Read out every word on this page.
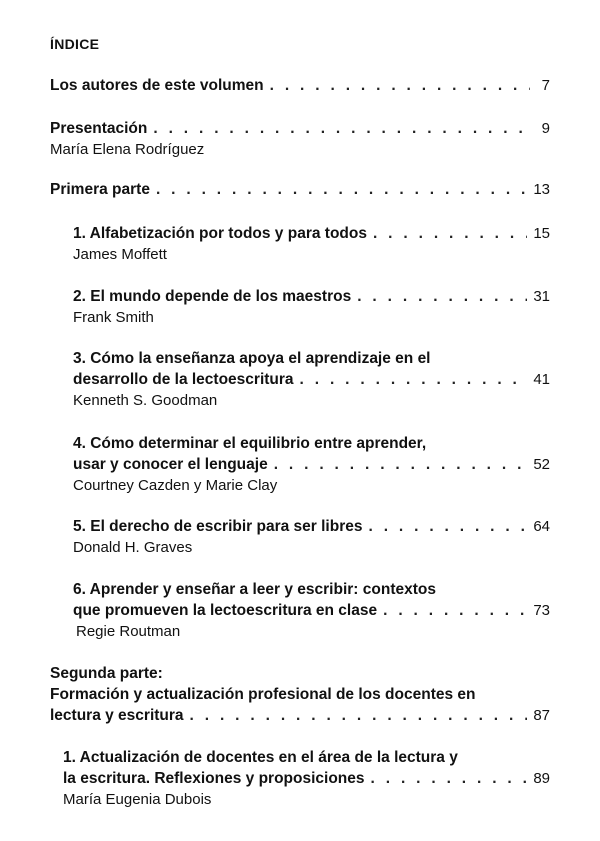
ÍNDICE
Los autores de este volumen . . .	7
Presentación . . .	9
María Elena Rodríguez
Primera parte . . .	13
1. Alfabetización por todos y para todos . . .	15
James Moffett
2. El mundo depende de los maestros . . .	31
Frank Smith
3. Cómo la enseñanza apoya el aprendizaje en el
desarrollo de la lectoescritura . . .	41
Kenneth S. Goodman
4. Cómo determinar el equilibrio entre aprender,
usar y conocer el lenguaje . . .	52
Courtney Cazden y Marie Clay
5. El derecho de escribir para ser libres . . .	64
Donald H. Graves
6. Aprender y enseñar a leer y escribir: contextos
que promueven la lectoescritura en clase . . .	73
Regie Routman
Segunda parte:
Formación y actualización profesional de los docentes en
lectura y escritura . . .	87
1. Actualización de docentes en el área de la lectura y
la escritura. Reflexiones y proposiciones . . .	89
María Eugenia Dubois
